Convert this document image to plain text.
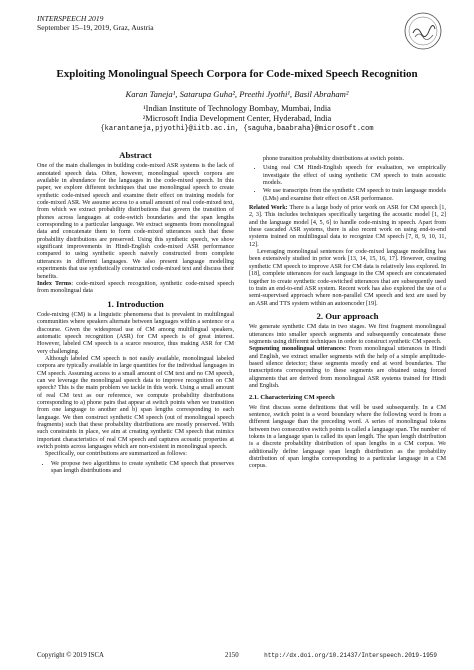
INTERSPEECH 2019
September 15–19, 2019, Graz, Austria
Exploiting Monolingual Speech Corpora for Code-mixed Speech Recognition
Karan Taneja¹, Satarupa Guha², Preethi Jyothi¹, Basil Abraham²
¹Indian Institute of Technology Bombay, Mumbai, India
²Microsoft India Development Center, Hyderabad, India
{karantaneja,pjyothi}@iitb.ac.in, {saguha,baabraha}@microsoft.com
Abstract

One of the main challenges in building code-mixed ASR systems is the lack of annotated speech data. Often, however, monolingual speech corpora are available in abundance for the languages in the code-mixed speech. In this paper, we explore different techniques that use monolingual speech to create synthetic code-mixed speech and examine their effect on training models for code-mixed ASR. We assume access to a small amount of real code-mixed text, from which we extract probability distributions that govern the transition of phones across languages at code-switch boundaries and the span lengths corresponding to a particular language. We extract segments from monolingual data and concatenate them to form code-mixed utterances such that these probability distributions are preserved. Using this synthetic speech, we show significant improvements in Hindi-English code-mixed ASR performance compared to using synthetic speech naively constructed from complete utterances in different languages. We also present language modelling experiments that use synthetically constructed code-mixed text and discuss their benefits.

Index Terms: code-mixed speech recognition, synthetic code-mixed speech from monolingual data

1. Introduction

Code-mixing (CM) is a linguistic phenomena that is prevalent in multilingual communities where speakers alternate between languages within a sentence or a discourse. Given the widespread use of CM among multilingual speakers, automatic speech recognition (ASR) for CM speech is of great interest. However, labeled CM speech is a scarce resource, thus making ASR for CM very challenging.

Although labeled CM speech is not easily available, monolingual labeled corpora are typically available in large quantities for the individual languages in CM speech. Assuming access to a small amount of CM text and no CM speech, can we leverage the monolingual speech data to improve recognition on CM speech? This is the main problem we tackle in this work. Using a small amount of real CM text as our reference, we compute probability distributions corresponding to a) phone pairs that appear at switch points when we transition from one language to another and b) span lengths corresponding to each language. We then construct synthetic CM speech (out of monolingual speech fragments) such that these probability distributions are mostly preserved. With such constraints in place, we aim at creating synthetic CM speech that mimics important characteristics of real CM speech and captures acoustic properties at switch points across languages which are non-existent in monolingual speech.

Specifically, our contributions are summarized as follows:

• We propose two algorithms to create synthetic CM speech that preserves span length distributions and

phone transition probability distributions at switch points.

• Using real CM Hindi-English speech for evaluation, we empirically investigate the effect of using synthetic CM speech to train acoustic models.
• We use transcripts from the synthetic CM speech to train language models (LMs) and examine their effect on ASR performance.

Related Work: There is a large body of prior work on ASR for CM speech [1, 2, 3]. This includes techniques specifically targeting the acoustic model [1, 2] and the language model [4, 5, 6] to handle code-mixing in speech. Apart from these cascaded ASR systems, there is also recent work on using end-to-end systems trained on multilingual data to recognize CM speech [7, 8, 9, 10, 11, 12].

Leveraging monolingual sentences for code-mixed language modelling has been extensively studied in prior work [13, 14, 15, 16, 17]. However, creating synthetic CM speech to improve ASR for CM data is relatively less explored. In [18], complete utterances for each language in the CM speech are concatenated together to create synthetic code-switched utterances that are subsequently used to train an end-to-end ASR system. Recent work has also explored the use of a semi-supervised approach where non-parallel CM speech and text are used by an ASR and TTS system within an autoencoder [19].

2. Our approach

We generate synthetic CM data in two stages. We first fragment monolingual utterances into smaller speech segments and subsequently concatenate these segments using different techniques in order to construct synthetic CM speech.

Segmenting monolingual utterances: From monolingual utterances in Hindi and English, we extract smaller segments with the help of a simple amplitude-based silence detector; these segments mostly end at word boundaries. The transcriptions corresponding to these segments are obtained using forced alignments that are derived from monolingual ASR systems trained for Hindi and English.

2.1. Characterizing CM speech

We first discuss some definitions that will be used subsequently. In a CM sentence, switch point is a word boundary where the following word is from a different language than the preceding word. A series of monolingual tokens between two consecutive switch points is called a language span. The number of tokens in a language span is called its span length. The span length distribution is a discrete probability distribution of span lengths in a CM corpus. We additionally define language span length distribution as the probability distribution of span lengths corresponding to a particular language in a CM corpus.

Copyright © 2019 ISCA	2150	http://dx.doi.org/10.21437/Interspeech.2019-1959
